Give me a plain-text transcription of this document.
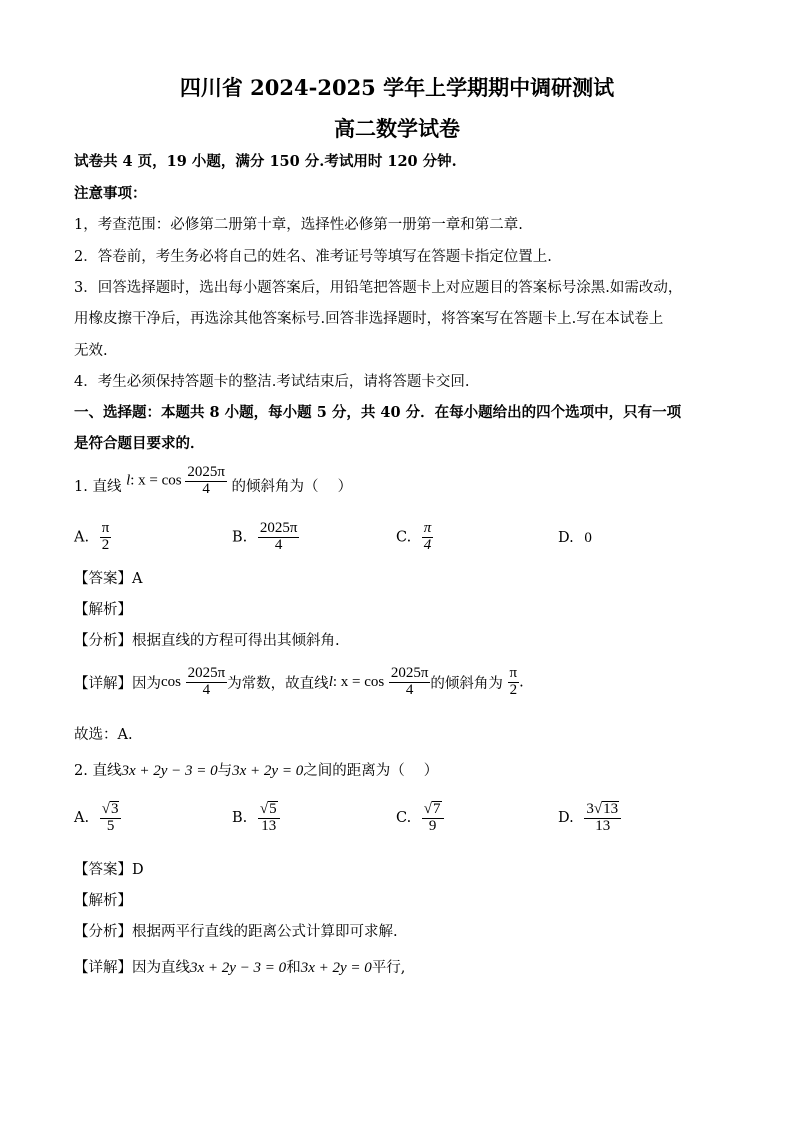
四川省 2024-2025 学年上学期期中调研测试
高二数学试卷
试卷共 4 页，19 小题，满分 150 分.考试用时 120 分钟.
注意事项：
1，考查范围：必修第二册第十章，选择性必修第一册第一章和第二章.
2．答卷前，考生务必将自己的姓名、准考证号等填写在答题卡指定位置上.
3．回答选择题时，选出每小题答案后，用铅笔把答题卡上对应题目的答案标号涂黑.如需改动，
用橡皮擦干净后，再选涂其他答案标号.回答非选择题时，将答案写在答题卡上.写在本试卷上
无效.
4．考生必须保持答题卡的整洁.考试结束后，请将答题卡交回.
一、选择题：本题共 8 小题，每小题 5 分，共 40 分．在每小题给出的四个选项中，只有一项
是符合题目要求的．
1. 直线 l: $x = \cos \frac{2025\pi}{4}$ 的倾斜角为（　 ）
A. $\frac{\pi}{2}$	B. $\frac{2025\pi}{4}$	C. $\frac{\pi}{4}$	D. 0
【答案】A
【解析】
【分析】根据直线的方程可得出其倾斜角.
【详解】因为$\cos \frac{2025\pi}{4}$ 为常数，故直线l: $x = \cos \frac{2025\pi}{4}$ 的倾斜角为 $\frac{\pi}{2}$ .
故选：A.
2. 直线3x + 2y − 3 = 0与3x + 2y = 0之间的距离为（　 ）
A. $\frac{√ 3}{5}$	B. $\frac{√ 5}{13}$	C. $\frac{√ 7}{9}$	D. $\frac{3 √ 13}{13}$
【答案】D
【解析】
【分析】根据两平行直线的距离公式计算即可求解.
【详解】因为直线3x + 2y − 3 = 0和3x + 2y = 0平行,
